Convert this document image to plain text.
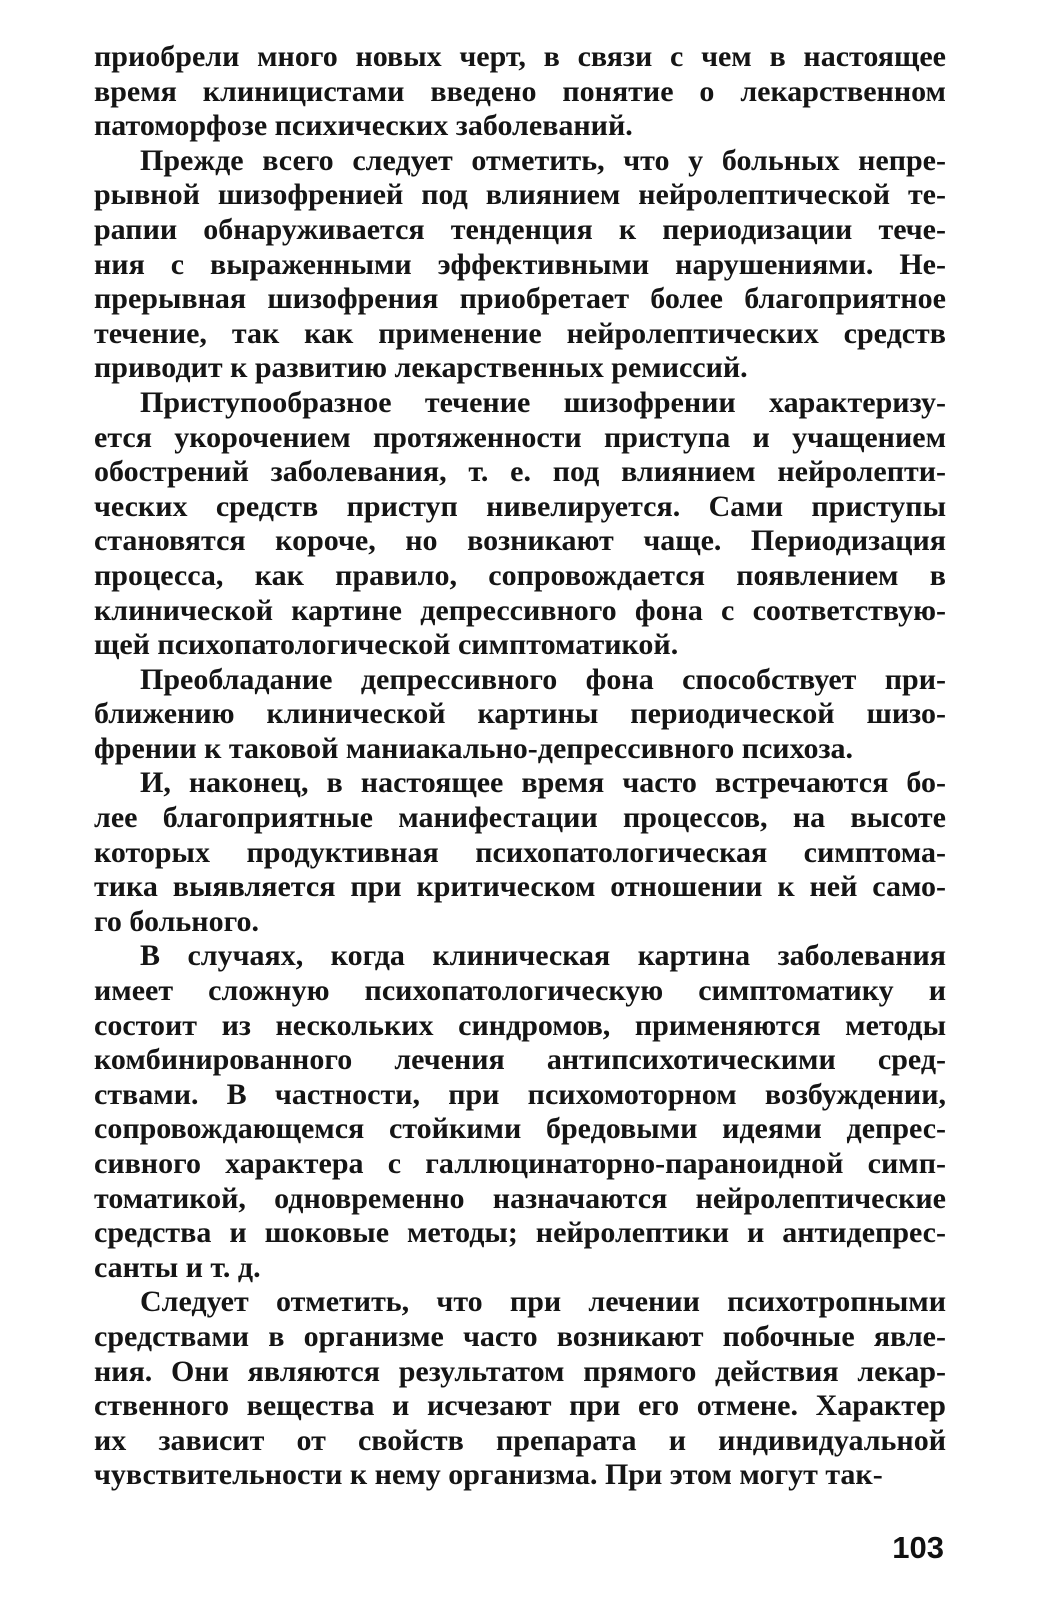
приобрели много новых черт, в связи с чем в настоящее
время клиницистами введено понятие о лекарственном
патоморфозе психических заболеваний.
Прежде всего следует отметить, что у больных непре-
рывной шизофренией под влиянием нейролептической те-
рапии обнаруживается тенденция к периодизации тече-
ния с выраженными эффективными нарушениями. Не-
прерывная шизофрения приобретает более благоприятное
течение, так как применение нейролептических средств
приводит к развитию лекарственных ремиссий.
Приступообразное течение шизофрении характеризу-
ется укорочением протяженности приступа и учащением
обострений заболевания, т. е. под влиянием нейролепти-
ческих средств приступ нивелируется. Сами приступы
становятся короче, но возникают чаще. Периодизация
процесса, как правило, сопровождается появлением в
клинической картине депрессивного фона с соответствую-
щей психопатологической симптоматикой.
Преобладание депрессивного фона способствует при-
ближению клинической картины периодической шизо-
френии к таковой маниакально-депрессивного психоза.
И, наконец, в настоящее время часто встречаются бо-
лее благоприятные манифестации процессов, на высоте
которых продуктивная психопатологическая симптома-
тика выявляется при критическом отношении к ней само-
го больного.
В случаях, когда клиническая картина заболевания
имеет сложную психопатологическую симптоматику и
состоит из нескольких синдромов, применяются методы
комбинированного лечения антипсихотическими сред-
ствами. В частности, при психомоторном возбуждении,
сопровождающемся стойкими бредовыми идеями депрес-
сивного характера с галлюцинаторно-параноидной симп-
томатикой, одновременно назначаются нейролептические
средства и шоковые методы; нейролептики и антидепрес-
санты и т. д.
Следует отметить, что при лечении психотропными
средствами в организме часто возникают побочные явле-
ния. Они являются результатом прямого действия лекар-
ственного вещества и исчезают при его отмене. Характер
их зависит от свойств препарата и индивидуальной
чувствительности к нему организма. При этом могут так-
103
